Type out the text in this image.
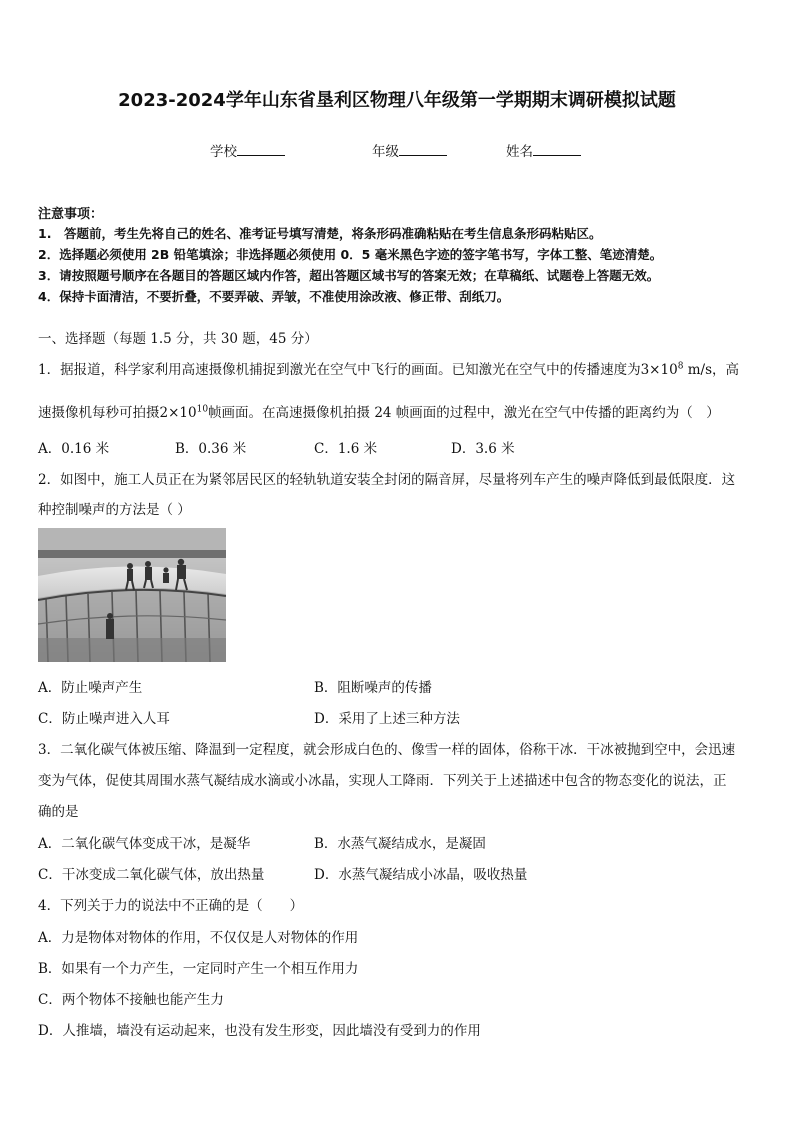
2023-2024学年山东省垦利区物理八年级第一学期期末调研模拟试题
学校	年级	姓名
注意事项：
1.　答题前，考生先将自己的姓名、准考证号填写清楚，将条形码准确粘贴在考生信息条形码粘贴区。
2．选择题必须使用 2B 铅笔填涂；非选择题必须使用 0．5 毫米黑色字迹的签字笔书写，字体工整、笔迹清楚。
3．请按照题号顺序在各题目的答题区域内作答，超出答题区域书写的答案无效；在草稿纸、试题卷上答题无效。
4．保持卡面清洁，不要折叠，不要弄破、弄皱，不准使用涂改液、修正带、刮纸刀。
一、选择题（每题 1.5 分，共 30 题，45 分）
1．据报道，科学家利用高速摄像机捕捉到激光在空气中飞行的画面。已知激光在空气中的传播速度为$3\times 10^8$ m/s，高
速摄像机每秒可拍摄$2\times 10^{10}$帧画面。在高速摄像机拍摄 24 帧画面的过程中，激光在空气中传播的距离约为（　）
A．0.16 米	B．0.36 米	C．1.6 米	D．3.6 米
2．如图中，施工人员正在为紧邻居民区的轻轨轨道安装全封闭的隔音屏，尽量将列车产生的噪声降低到最低限度．这
种控制噪声的方法是（ ）
A．防止噪声产生	B．阻断噪声的传播
C．防止噪声进入人耳	D．采用了上述三种方法
3．二氧化碳气体被压缩、降温到一定程度，就会形成白色的、像雪一样的固体，俗称干冰．干冰被抛到空中，会迅速
变为气体，促使其周围水蒸气凝结成水滴或小冰晶，实现人工降雨．下列关于上述描述中包含的物态变化的说法，正
确的是
A．二氧化碳气体变成干冰，是凝华	B．水蒸气凝结成水，是凝固
C．干冰变成二氧化碳气体，放出热量	D．水蒸气凝结成小冰晶，吸收热量
4．下列关于力的说法中不正确的是（　　）
A．力是物体对物体的作用，不仅仅是人对物体的作用
B．如果有一个力产生，一定同时产生一个相互作用力
C．两个物体不接触也能产生力
D．人推墙，墙没有运动起来，也没有发生形变，因此墙没有受到力的作用
